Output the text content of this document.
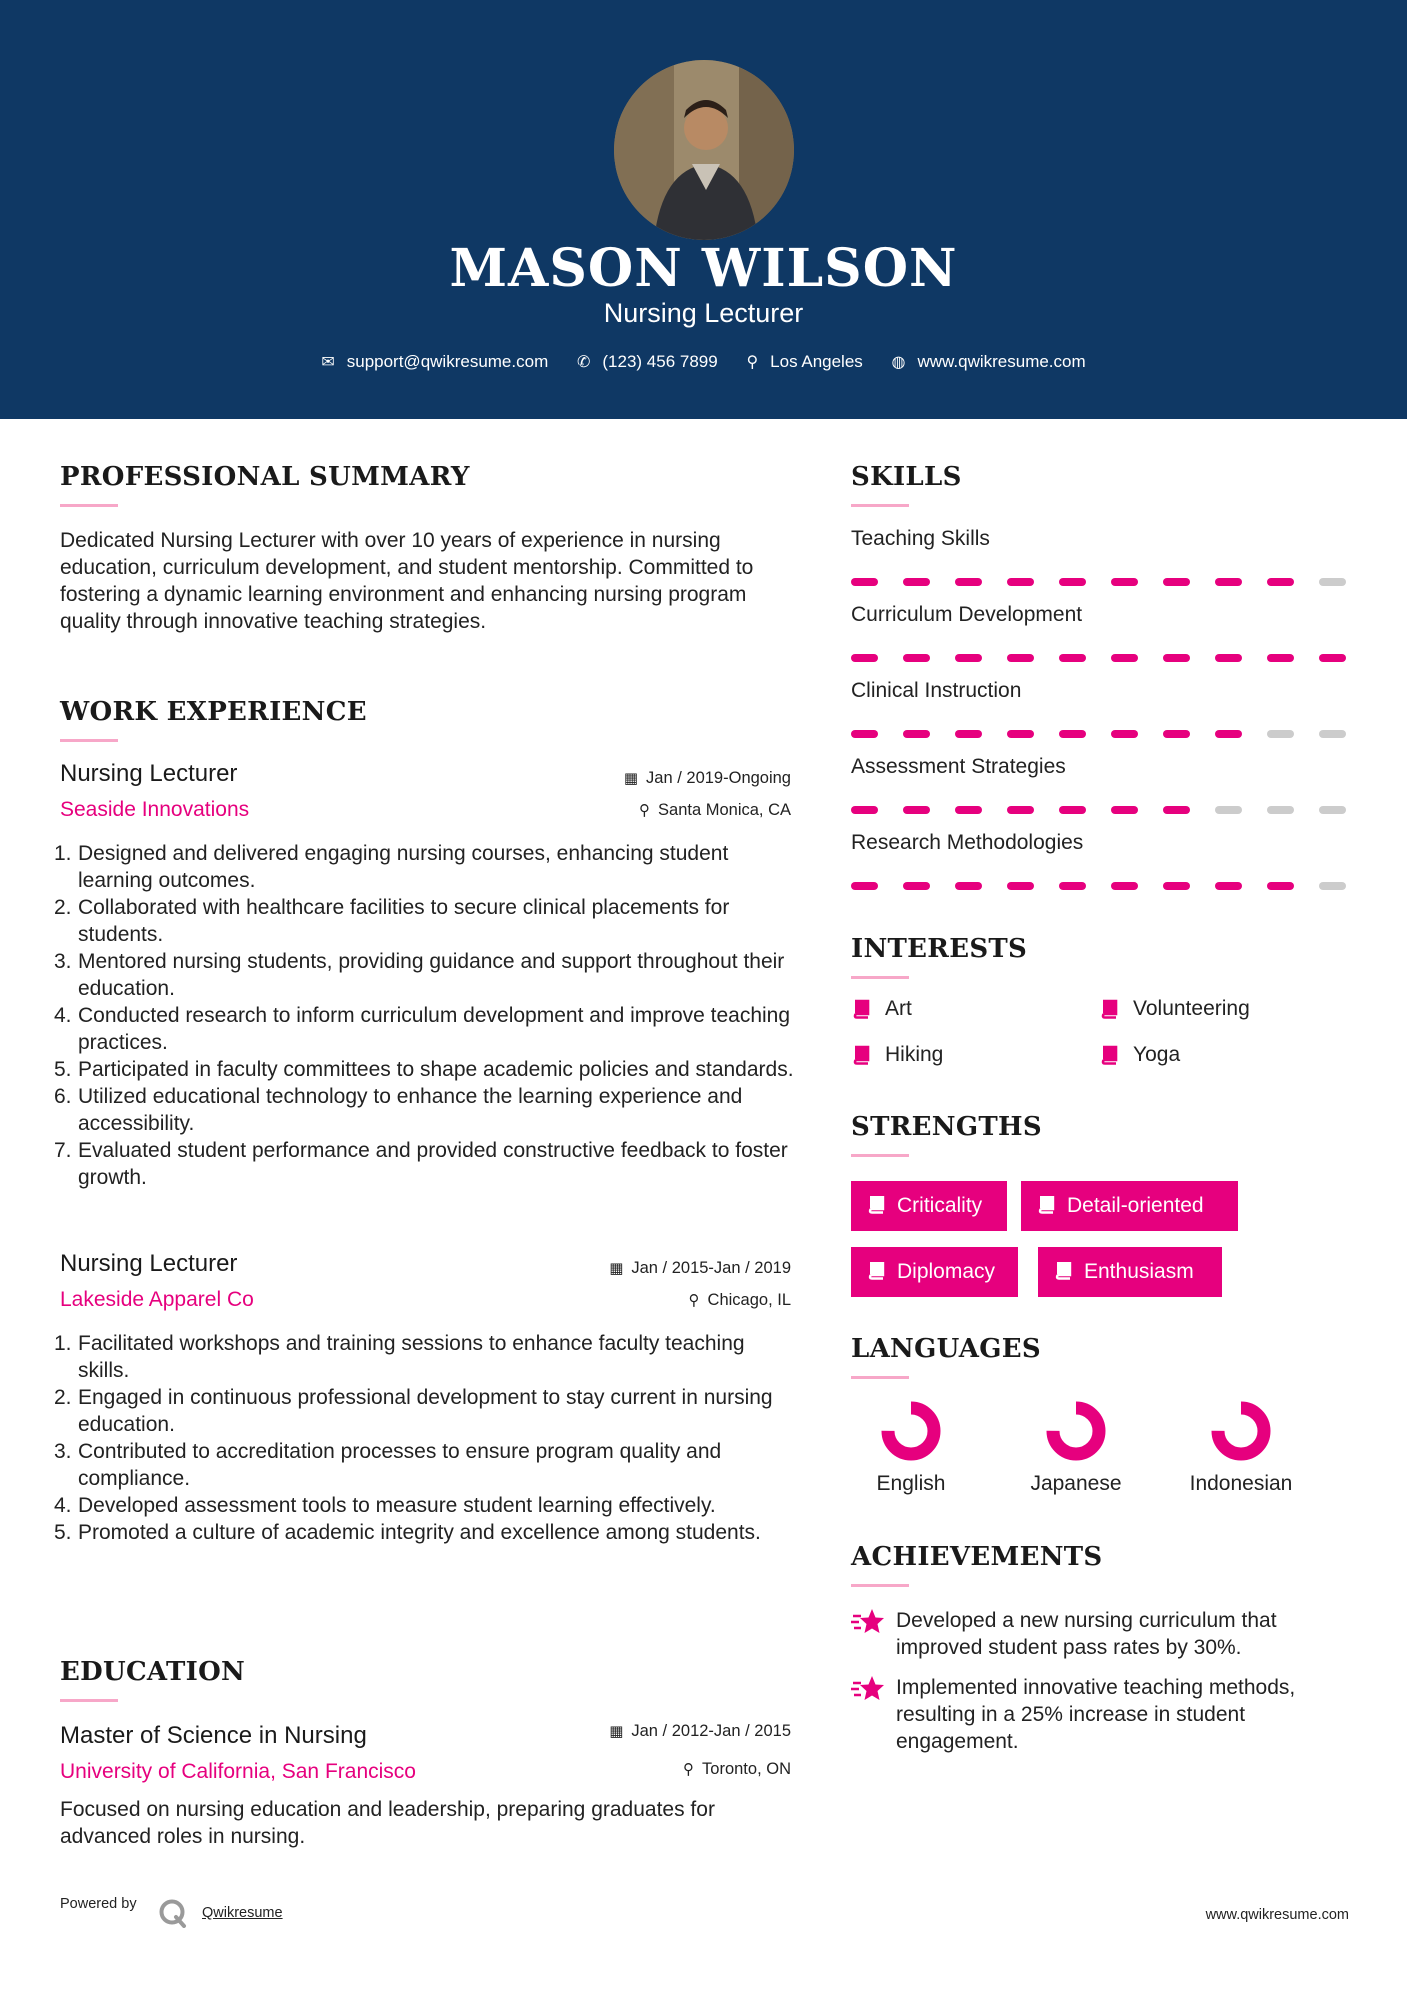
MASON WILSON
Nursing Lecturer
✉ support@qwikresume.com ✆ (123) 456 7899 ⚲ Los Angeles ◍ www.qwikresume.com
PROFESSIONAL SUMMARY
Dedicated Nursing Lecturer with over 10 years of experience in nursing education, curriculum development, and student mentorship. Committed to fostering a dynamic learning environment and enhancing nursing program quality through innovative teaching strategies.
WORK EXPERIENCE
Nursing Lecturer
Seaside Innovations
▦ Jan / 2019-Ongoing
⚲ Santa Monica, CA
1. Designed and delivered engaging nursing courses, enhancing student learning outcomes.
2. Collaborated with healthcare facilities to secure clinical placements for students.
3. Mentored nursing students, providing guidance and support throughout their education.
4. Conducted research to inform curriculum development and improve teaching practices.
5. Participated in faculty committees to shape academic policies and standards.
6. Utilized educational technology to enhance the learning experience and accessibility.
7. Evaluated student performance and provided constructive feedback to foster growth.
Nursing Lecturer
Lakeside Apparel Co
▦ Jan / 2015-Jan / 2019
⚲ Chicago, IL
1. Facilitated workshops and training sessions to enhance faculty teaching skills.
2. Engaged in continuous professional development to stay current in nursing education.
3. Contributed to accreditation processes to ensure program quality and compliance.
4. Developed assessment tools to measure student learning effectively.
5. Promoted a culture of academic integrity and excellence among students.
EDUCATION
Master of Science in Nursing
University of California, San Francisco
▦ Jan / 2012-Jan / 2015
⚲ Toronto, ON
Focused on nursing education and leadership, preparing graduates for advanced roles in nursing.
SKILLS
Teaching Skills
Curriculum Development
Clinical Instruction
Assessment Strategies
Research Methodologies
INTERESTS
Art	Volunteering
Hiking	Yoga
STRENGTHS
Criticality	Detail-oriented
Diplomacy	Enthusiasm
LANGUAGES
English	Japanese	Indonesian
ACHIEVEMENTS
Developed a new nursing curriculum that improved student pass rates by 30%.
Implemented innovative teaching methods, resulting in a 25% increase in student engagement.
Powered by
Qwikresume	www.qwikresume.com
